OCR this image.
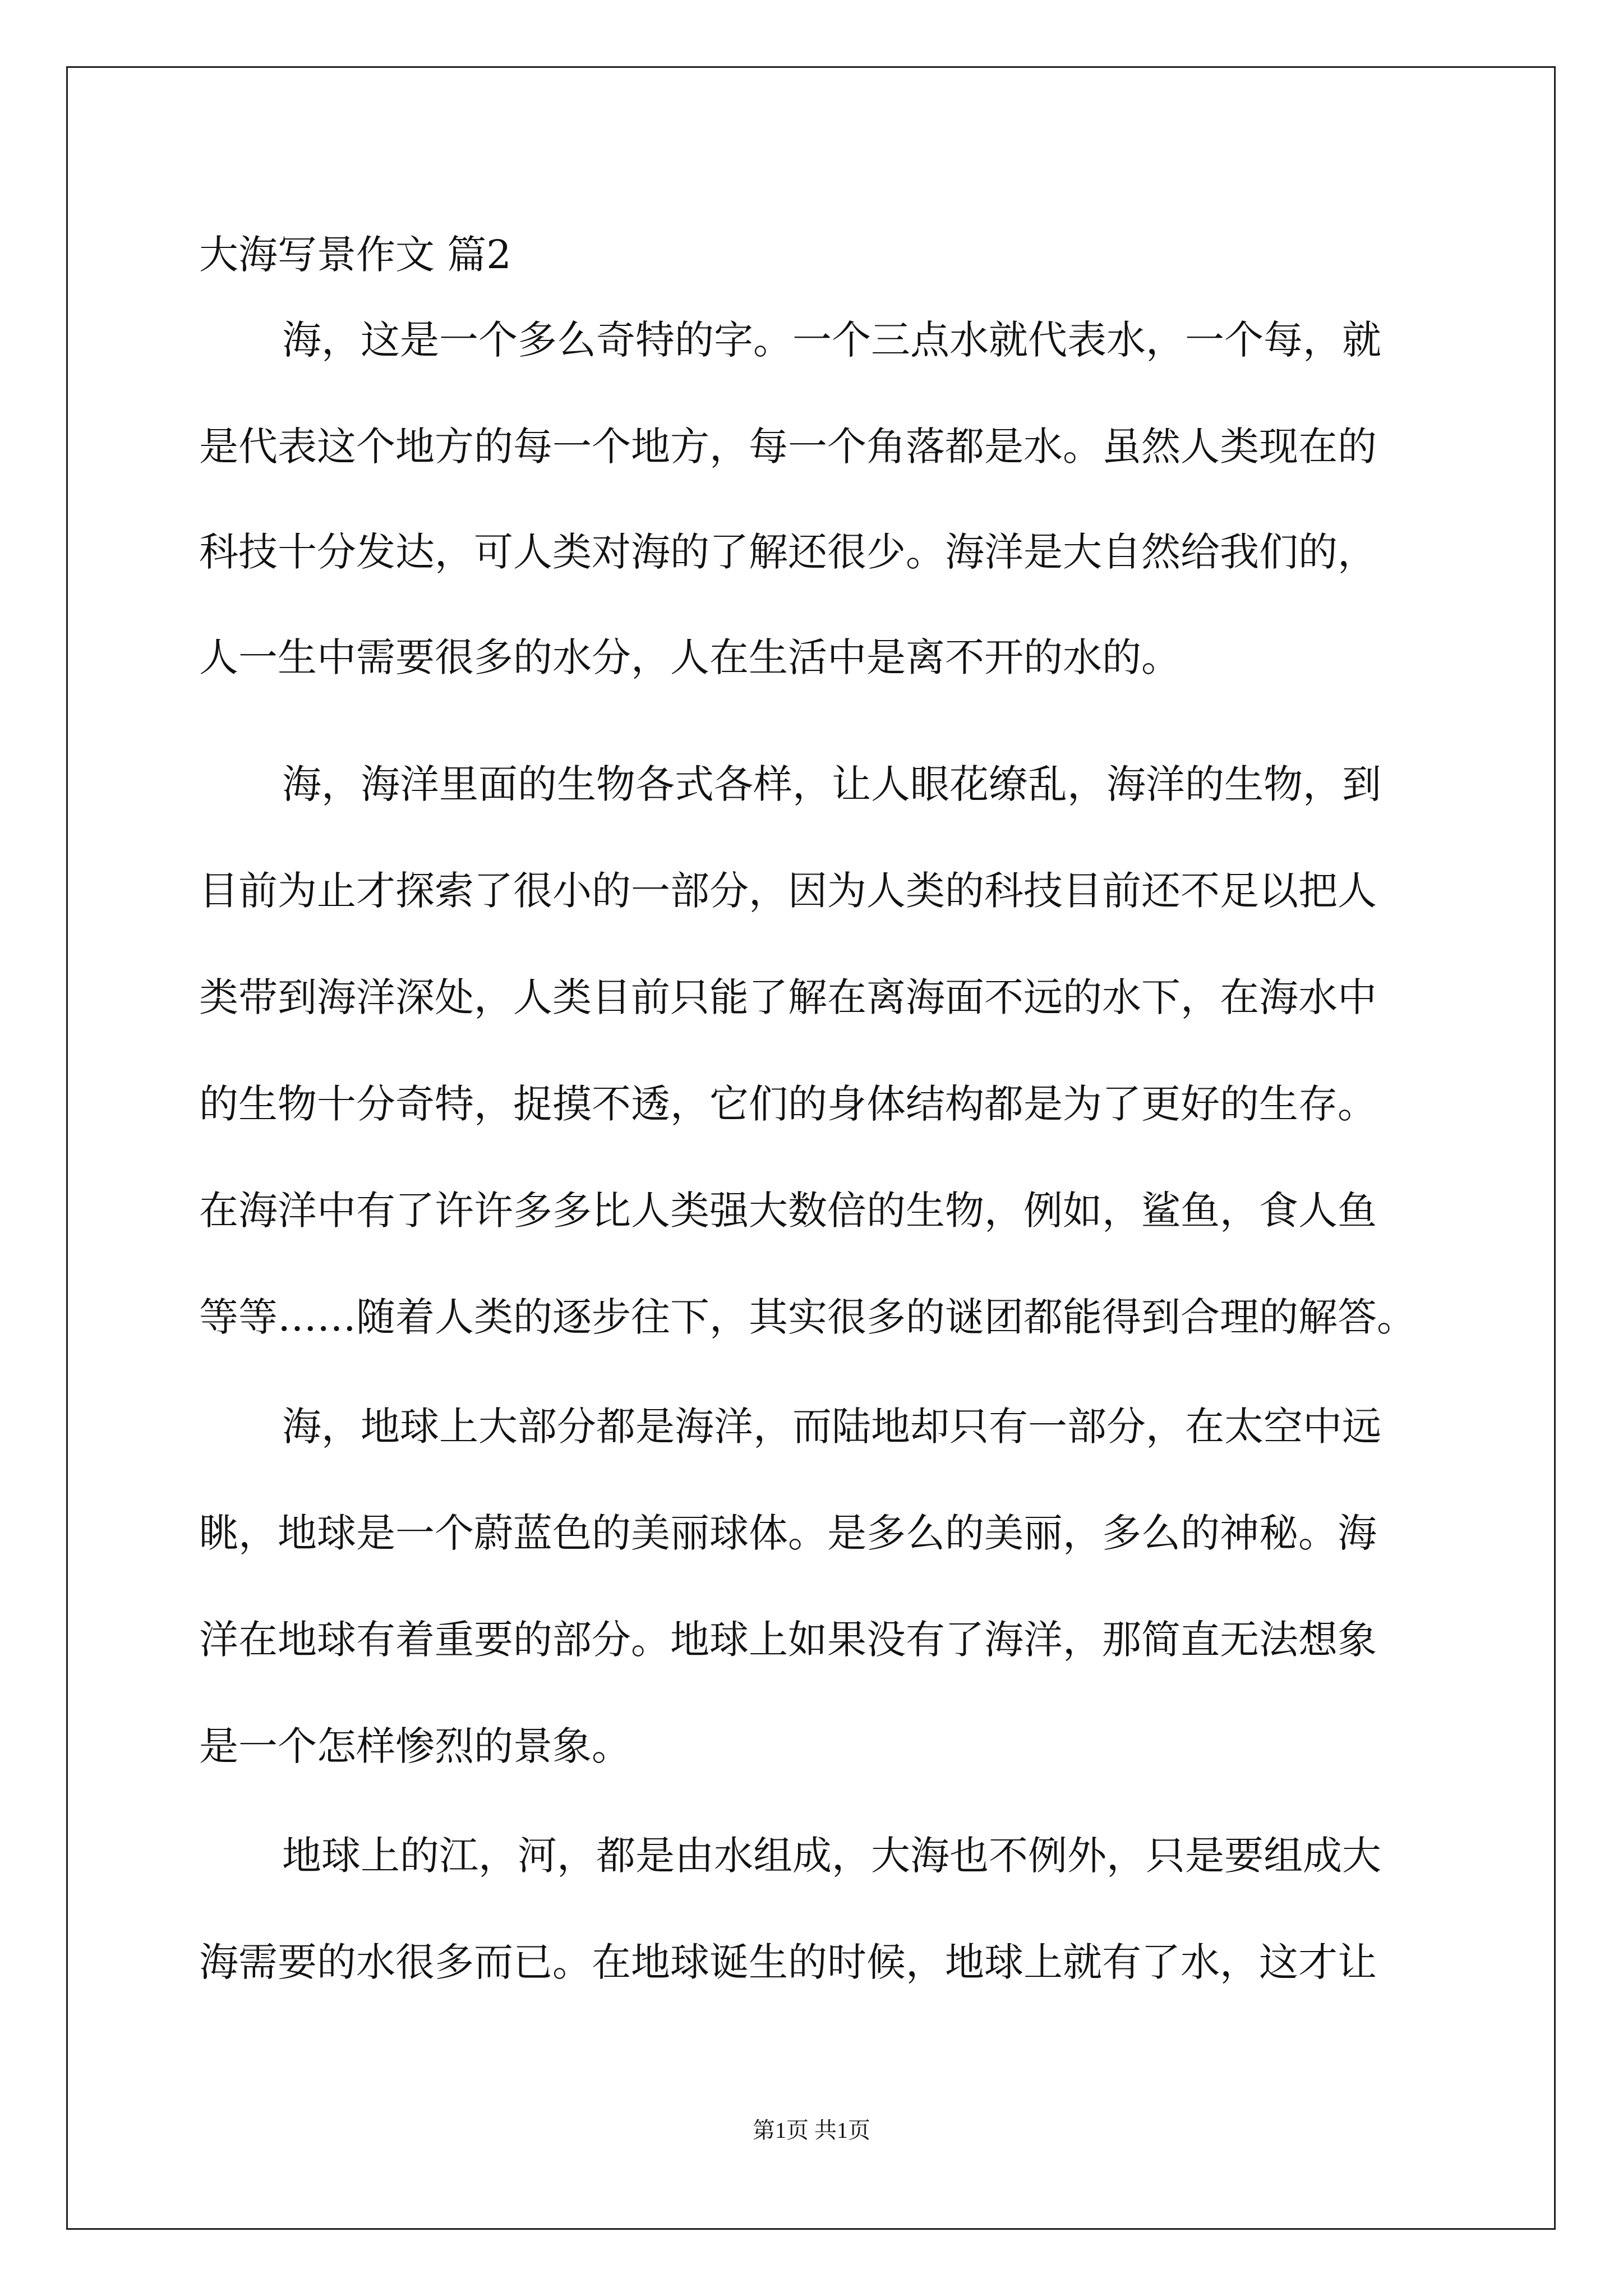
大海写景作文 篇2
海，这是一个多么奇特的字。一个三点水就代表水，一个每，就
是代表这个地方的每一个地方，每一个角落都是水。虽然人类现在的
科技十分发达，可人类对海的了解还很少。海洋是大自然给我们的，
人一生中需要很多的水分，人在生活中是离不开的水的。
海，海洋里面的生物各式各样，让人眼花缭乱，海洋的生物，到
目前为止才探索了很小的一部分，因为人类的科技目前还不足以把人
类带到海洋深处，人类目前只能了解在离海面不远的水下，在海水中
的生物十分奇特，捉摸不透，它们的身体结构都是为了更好的生存。
在海洋中有了许许多多比人类强大数倍的生物，例如，鲨鱼，食人鱼
等等……随着人类的逐步往下，其实很多的谜团都能得到合理的解答。
海，地球上大部分都是海洋，而陆地却只有一部分，在太空中远
眺，地球是一个蔚蓝色的美丽球体。是多么的美丽，多么的神秘。海
洋在地球有着重要的部分。地球上如果没有了海洋，那简直无法想象
是一个怎样惨烈的景象。
地球上的江，河，都是由水组成，大海也不例外，只是要组成大
海需要的水很多而已。在地球诞生的时候，地球上就有了水，这才让
第1页 共1页
